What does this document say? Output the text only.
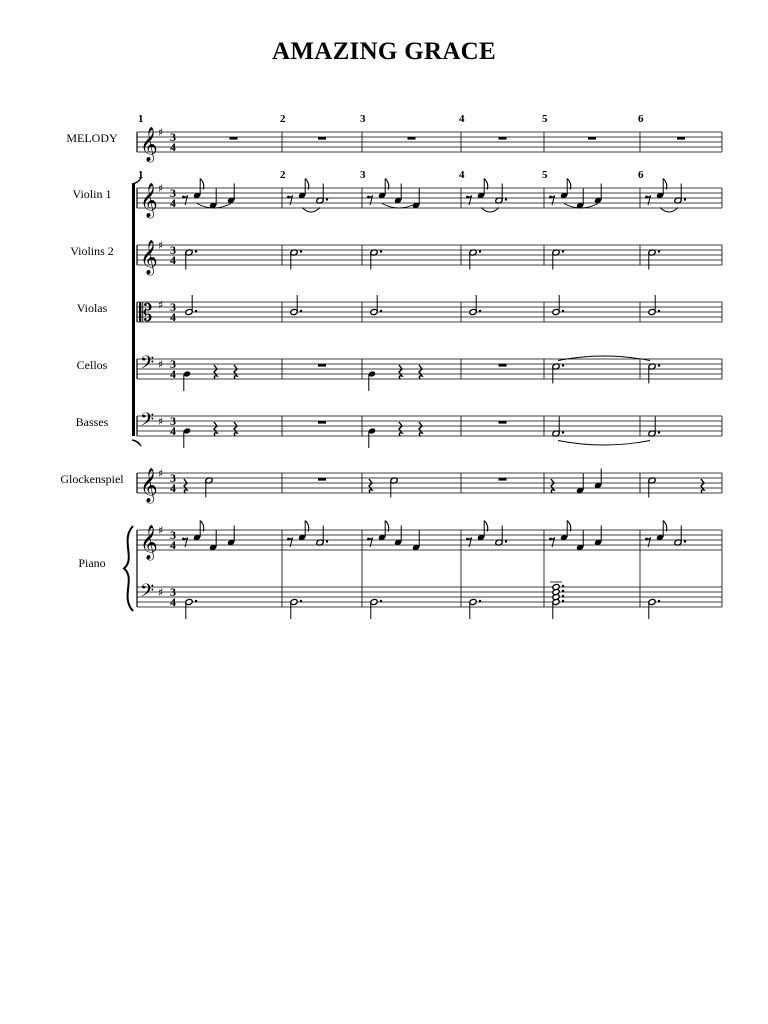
AMAZING GRACE
MELODY
Violin 1
Violins 2
Violas
Cellos
Basses
Glockenspiel
Piano
𝄞 ♯ 3
4
𝄞 ♯ 3
4
𝄞 ♯ 3
4
𝄡 ♯ 3
4
𝄢 ♯ 3
4
𝄢 ♯ 3
4
𝄞 ♯ 3
4
𝄞 ♯ 3
4
𝄢 ♯ 3
4
1	2	3	4	5	6
1	2	3	4	5	6
